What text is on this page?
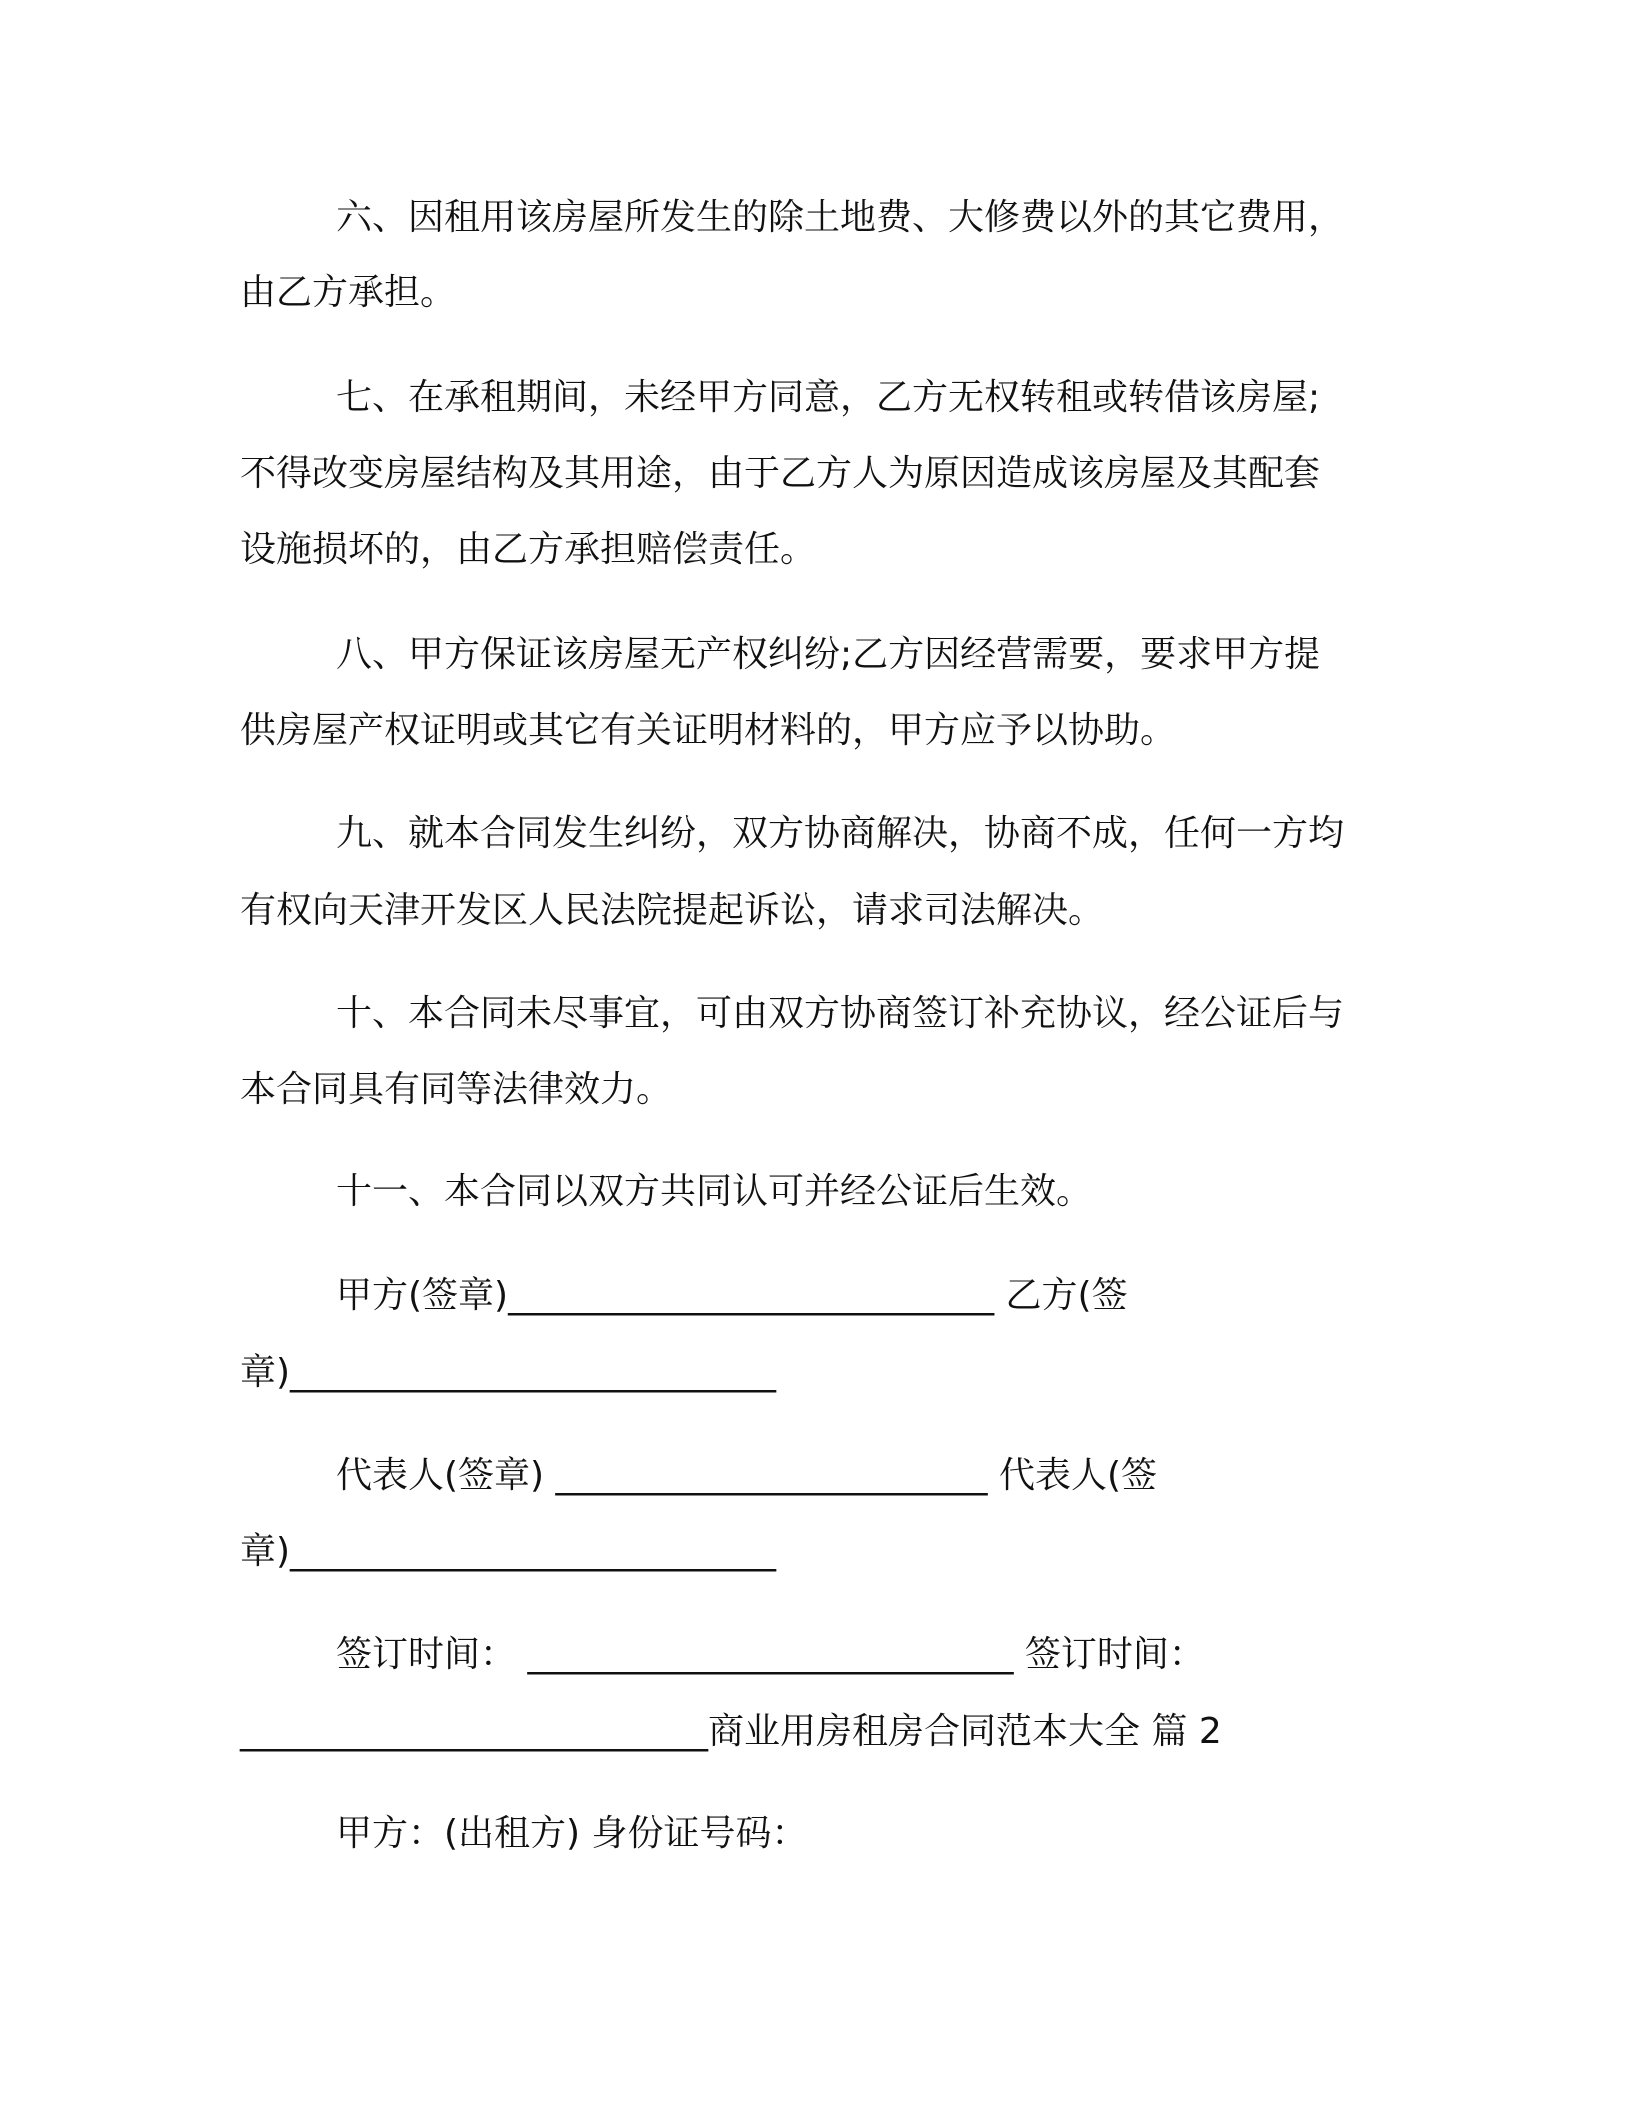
六、因租用该房屋所发生的除土地费、大修费以外的其它费用，
由乙方承担。
七、在承租期间，未经甲方同意，乙方无权转租或转借该房屋;
不得改变房屋结构及其用途，由于乙方人为原因造成该房屋及其配套
设施损坏的，由乙方承担赔偿责任。
八、甲方保证该房屋无产权纠纷;乙方因经营需要，要求甲方提
供房屋产权证明或其它有关证明材料的，甲方应予以协助。
九、就本合同发生纠纷，双方协商解决，协商不成，任何一方均
有权向天津开发区人民法院提起诉讼，请求司法解决。
十、本合同未尽事宜，可由双方协商签订补充协议，经公证后与
本合同具有同等法律效力。
十一、本合同以双方共同认可并经公证后生效。
甲方(签章)___________________________ 乙方(签
章)___________________________
代表人(签章) ________________________ 代表人(签
章)___________________________
签订时间： ___________________________ 签订时间：
__________________________商业用房租房合同范本大全 篇 2
甲方：(出租方) 身份证号码：
